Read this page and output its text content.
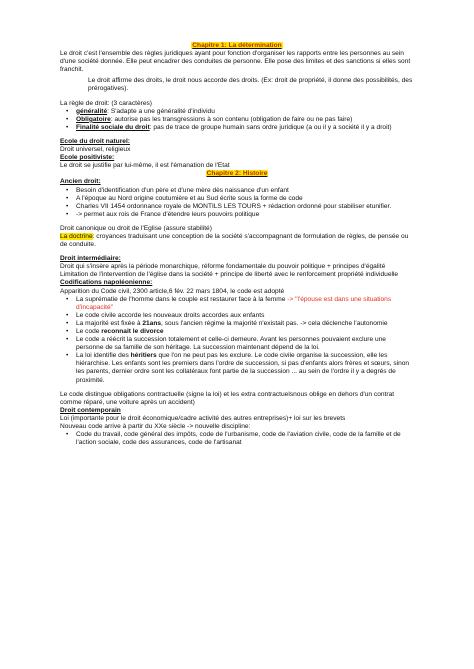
Chapitre 1: La détermination

Le droit c'est l'ensemble des règles juridiques ayant pour fonction d'organiser les rapports entre les personnes au sein d'une société donnée. Elle peut encadrer des conduites de personne. Elle pose des limites et des sanctions si elles sont franchit.

Le droit affirme des droits, le droit nous accorde des droits. (Ex: droit de propriété, il donne des possibilités, des prérogatives).

La règle de droit: (3 caractères)

• généralité: S'adapte a une généralité d'individu
• Obligatoire: autorise pas les transgressions à son contenu (obligation de faire ou ne pas faire)
• Finalité sociale du droit: pas de trace de groupe humain sans ordre juridique (a ou il y a société il y a droit)

Ecole du droit naturel:

Droit universel, religieux

Ecole positiviste:

Le droit se justifie par lui-même, il est l'émanation de l'Etat

Chapitre 2: Histoire

Ancien droit:

• Besoin d'identification d'un père et d'une mère dès naissance d'un enfant
• A l'époque au Nord origine coutumière et au Sud écrite sous la forme de code
• Charles VII 1454 ordonnance royale de MONTILS LES TOURS + rédaction ordonné pour stabiliser etunifier.
• -> permet aux rois de France d'étendre leurs pouvoirs politique

Droit canonique ou droit de l'Eglise (assure stabilité)

La doctrine: croyances traduisant une conception de la société s'accompagnant de formulation de règles, de pensée ou de conduite.

Droit intermédiaire:

Droit qui s'insère après la période monarchique, réforme fondamentale du pouvoir politique + principes d'égalité

Limitation de l'intervention de l'église dans la société + principe de liberté avec le renforcement propriété individuelle

Codifications napoléonienne:

Apparition du Code civil, 2300 article,6 fév. 22 mars 1804, le code est adopté

• La suprématie de l'homme dans le couple est restaurer face à la femme -> "l'épouse est dans une situations d'incapacité"
• Le code civile accorde les nouveaux droits accordes aux enfants
• La majorité est fixée à 21ans, sous l'ancien régime la majorité n'existait pas. -> cela déclenche l'autonomie
• Le code reconnait le divorce
• Le code a réécrit la succession totalement et celle-ci demeure. Avant les personnes pouvaient exclure une personne de sa famille de son héritage. La succession maintenant dépend de la loi.
• La loi identifie des héritiers que l'on ne peut pas les exclure. Le code civile organise la succession, elle les hiérarchise. Les enfants sont les premiers dans l'ordre de succession, si pas d'enfants alors frères et sœurs, sinon les parents, dernier ordre sont les collatéraux font partie de la succession ... au sein de l'ordre il y a degrés de proximité.

Le code distingue obligations contractuelle (signe la loi) et les extra contractuelsnous oblige en dehors d'un contrat comme réparé, une voiture après un accident)

Droit contemporain

Loi (importante pour le droit économique/cadre activité des autres entreprises)+ loi sur les brevets

Nouveau code arrive à partir du XXe siècle -> nouvelle discipline:

• Code du travail, code général des impôts, code de l'urbanisme, code de l'aviation civile, code de la famille et de l'action sociale, code des assurances, code de l'artisanat
